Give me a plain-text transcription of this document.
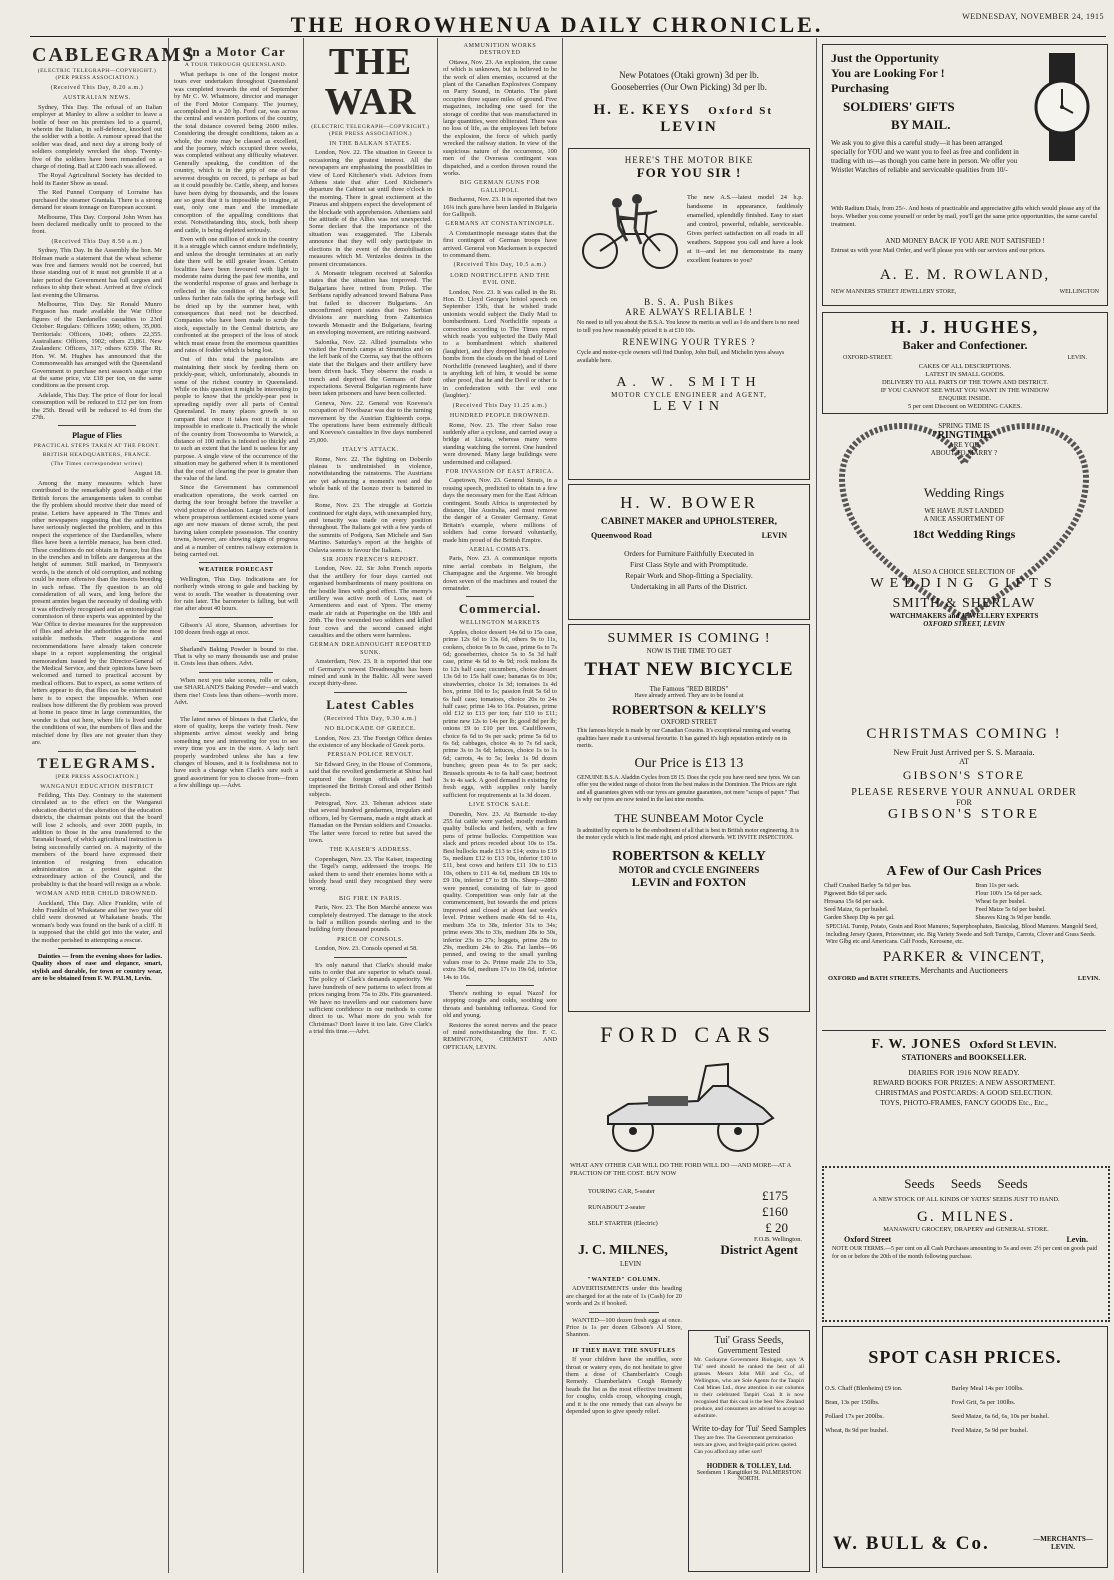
THE HOROWHENUA DAILY CHRONICLE.	WEDNESDAY, NOVEMBER 24, 1915
CABLEGRAMS
(ELECTRIC TELEGRAPH—COPYRIGHT.) (PER PRESS ASSOCIATION.)
(Received This Day, 8.20 a.m.)
AUSTRALIAN NEWS.

Sydney, This Day. The refusal of an Italian employer at Manley to allow a soldier to leave a bottle of beer on his premises led to a quarrel, wherein the Italian, in self-defence, knocked out the soldier with a bottle. A rumour spread that the soldier was dead, and next day a strong body of soldiers completely wrecked the shop. Twenty-five of the soldiers have been remanded on a charge of rioting. Bail at £200 each was allowed.

The Royal Agricultural Society has decided to hold its Easter Show as usual.

The Red Funnel Company of Lorraine has purchased the steamer Grantala. There is a strong demand for steam tonnage on European account.

Melbourne, This Day. Corporal John Wren has been declared medically unfit to proceed to the front.

(Received This Day 8.50 a.m.)

Sydney, This Day. In the Assembly the hon. Mr Holman made a statement that the wheat scheme was free and farmers would not be coerced, but those standing out of it must not grumble if at a later period the Government has full cargoes and refuses to ship their wheat. Arrived at five o'clock last evening the Ulimaroa.

Melbourne, This Day. Sir Ronald Munro Ferguson has made available the War Office figures of the Dardanelles casualties to 23rd October: Regulars: Officers 1990; others, 35,000. Territorials: Officers, 1049; others 22,355. Australians: Officers, 1902; others 23,861. New Zealanders: Officers, 317; others 6359. The Rt. Hon. W. M. Hughes has announced that the Commonwealth has arranged with the Queensland Government to purchase next season's sugar crop at the same price, viz £18 per ton, on the same conditions as the present crop.

Adelaide, This Day. The price of flour for local consumption will be reduced to £12 per ton from the 25th. Bread will be reduced to 4d from the 27th.

Plague of Flies
PRACTICAL STEPS TAKEN AT THE FRONT.
BRITISH HEADQUARTERS, FRANCE.
(The Times correspondent writes)

August 18.

Among the many measures which have contributed to the remarkably good health of the British forces the arrangements taken to combat the fly problem should receive their due meed of praise. Letters have appeared in The Times and other newspapers suggesting that the authorities have seriously neglected the problem, and in this respect the experience of the Dardanelles, where flies have been a terrible menace, has been cited. These conditions do not obtain in France, but flies in the trenches and in billets are dangerous at the height of summer. Still marked, in Tennyson's words, is the stench of old corruption, and nothing could be more offensive than the insects breeding in such refuse. The fly question is an old consideration of all wars, and long before the present armies began the necessity of dealing with it was effectively recognised and an entomological commission of three experts was appointed by the War Office to devise measures for the suppression of flies and advise the authorities as to the most suitable methods. Their suggestions and recommendations have already taken concrete shape in a report supplementing the original memorandum issued by the Director-General of the Medical Service, and their opinions have been welcomed and turned to practical account by medical officers. But to expect, as some writers of letters appear to do, that flies can be exterminated here is to expect the impossible. When one realises how different the fly problem was proved at home in peace time in large communities, the wonder is that out here, where life is lived under the conditions of war, the numbers of flies and the mischief done by flies are not greater than they are.

TELEGRAMS.
[PER PRESS ASSOCIATION.]
WANGANUI EDUCATION DISTRICT

Feilding, This Day. Contrary to the statement circulated as to the effect on the Wanganui education district of the alteration of the education districts, the chairman points out that the board will lose 2 schools, and over 2000 pupils, in addition to those in the area transferred to the Taranaki board, of which agricultural instruction is being successfully carried on. A majority of the members of the board have expressed their intention of resigning from education administration as a protest against the extraordinary action of the Council, and the probability is that the board will resign as a whole.

WOMAN AND HER CHILD DROWNED.

Auckland, This Day. Alice Franklin, wife of John Franklin of Whakatane and her two year old child were drowned at Whakatane heads. The woman's body was found on the bank of a cliff. It is supposed that the child got into the water, and the mother perished in attempting a rescue.

Dainties — from the evening shoes for ladies. Quality shoes of ease and elegance, smart, stylish and durable, for town or country wear, are to be obtained from F. W. PALM, Levin.

In a Motor Car
A TOUR THROUGH QUEENSLAND.

What perhaps is one of the longest motor tours ever undertaken throughout Queensland was completed towards the end of September by Mr C. W. Whatmore, director and manager of the Ford Motor Company. The journey, accomplished in a 20 hp. Ford car, was across the central and western portions of the country, the total distance covered being 2600 miles. Considering the drought conditions, taken as a whole, the route may be classed as excellent, and the journey, which occupied three weeks, was completed without any difficulty whatever. Generally speaking, the condition of the country, which is in the grip of one of the severest droughts on record, is perhaps as bad as it could possibly be. Cattle, sheep, and horses have been dying by thousands, and the losses are so great that it is impossible to imagine, at east, only one man and the immediate conception of the appalling conditions that exist. Notwithstanding this, stock, both sheep and cattle, is being depleted seriously.

Even with one million of stock in the country it is a struggle which cannot endure indefinitely, and unless the drought terminates at an early date there will be still greater losses. Certain localities have been favoured with light to moderate rains during the past few months, and the wonderful response of grass and herbage is reflected in the condition of the stock, but unless further rain falls the spring herbage will be dried up by the summer heat, with consequences that need not be described. Companies who have been made to scrub the stock, especially in the Central districts, are confronted at the prospect of the loss of stock which must ensue from the enormous quantities and rates of fodder which is being lost.

Out of this total the pastoralists are maintaining their stock by feeding them on prickly-pear, which, unfortunately, abounds in some of the richest country in Queensland. While on this question it might be interesting to people to know that the prickly-pear pest is spreading rapidly over all parts of Central Queensland. In many places growth is so rampant that once it takes root it is almost impossible to eradicate it. Practically the whole of the country from Toowoomba to Warwick, a distance of 100 miles is infested so thickly and to such an extent that the land is useless for any purpose. A single view of the occurrence of the situation may be gathered when it is mentioned that the cost of clearing the pear is greater than the value of the land.

Since the Government has commenced eradication operations, the work carried on during the tour brought before the traveller a vivid picture of desolation. Large tracts of land where prosperous settlement existed some years ago are now masses of dense scrub, the pest having taken complete possession. The country towns, however, are showing signs of progress and at a number of centres railway extension is being carried out.

WEATHER FORECAST

Wellington, This Day. Indications are for northerly winds strong to gale and backing by west to south. The weather is threatening over for rain later. The barometer is falling, but will rise after about 40 hours.

Gibson's Al store, Shannon, advertises for 100 dozen fresh eggs at once.

Sharland's Baking Powder is bound to rise. That is why so many thousands use and praise it. Costs less than others. Advt.

When next you take scones, rolls or cakes, use SHARLAND'S Baking Powder—and watch them rise! Costs less than others—worth more. Advt.

The latest news of blouses is that Clark's, the store of quality, keeps the variety fresh. New shipments arrive almost weekly and bring something new and interesting for you to see every time you are in the store. A lady isn't properly wardrobed unless she has a few changes of blouses, and it is foolishness not to have such a change when Clark's sure such a grand assortment for you to choose from—from a few shillings up.—Advt.

THE WAR
(ELECTRIC TELEGRAPH—COPYRIGHT.) (PER PRESS ASSOCIATION.)
IN THE BALKAN STATES.

London, Nov. 22. The situation in Greece is occasioning the greatest interest. All the newspapers are emphasising the possibilities in view of Lord Kitchener's visit. Advices from Athens state that after Lord Kitchener's departure the Cabinet sat until three o'clock in the morning. There is great excitement at the Piraeus and shippers expect the development of the blockade with apprehension. Athenians said the attitude of the Allies was not unexpected. Some declare that the importance of the situation was exaggerated. The Liberals announce that they will only participate in elections in the event of the demobilisation measures which M. Venizelos desires in the present circumstances.

A Monastir telegram received at Salonika states that the situation has improved. The Bulgarians have retired from Prilep. The Serbians rapidly advanced toward Babuna Pass but failed to discover Bulgarians. An unconfirmed report states that two Serbian divisions are marching from Zaituntsica towards Monastir and the Bulgarians, fearing an enveloping movement, are retiring eastward.

Salonika, Nov. 22. Allied journalists who visited the French camps at Strumitza and on the left bank of the Czerna, say that the officers state that the Bulgars and their artillery have been driven back. They observe the roads a trench and deprived the Germans of their expectations. Several Bulgarian regiments have been taken prisoners and have been collected.

Geneva, Nov. 22. General von Koevess's occupation of Novibazar was due to the turning movement by the Austrian Eighteenth corps. The operations have been extremely difficult and Koevess's casualties in five days numbered 25,000.

ITALY'S ATTACK.

Rome, Nov. 22. The fighting on Doberdo plateau is undiminished in violence, notwithstanding the rainstorms. The Austrians are yet advancing a moment's rest and the whole bank of the Isonzo river is battered in fire.

Rome, Nov. 23. The struggle at Gorizia continued for eight days, with unexampled fury, and tenacity was made on every position throughout. The Italians got with a few yards of the summits of Podgora, San Michele and San Martino. Saturday's report at the heights of Oslavia seems to favour the Italians.

SIR JOHN FRENCH'S REPORT.

London, Nov. 22. Sir John French reports that the artillery for four days carried out organised bombardments of many positions on the hostile lines with good effect. The enemy's artillery was active north of Loos, east of Armentieres and east of Ypres. The enemy made air raids at Poperinghe on the 18th and 20th. The five wounded two soldiers and killed four cows and the second caused eight casualties and the others were harmless.

GERMAN DREADNOUGHT REPORTED SUNK.

Amsterdam, Nov. 23. It is reported that one of Germany's newest Dreadnoughts has been mined and sunk in the Baltic. All were saved except thirty-three.

Latest Cables
(Received This Day, 9.30 a.m.)
NO BLOCKADE OF GREECE.

London, Nov. 23. The Foreign Office denies the existence of any blockade of Greek ports.

PERSIAN POLICE REVOLT.

Sir Edward Grey, in the House of Commons, said that the revolted gendarmerie at Shiraz had captured the foreign officials and had imprisoned the British Consul and other British subjects.

Petrograd, Nov. 23. Teheran advices state that several hundred gendarmes, irregulars and officers, led by Germans, made a night attack at Hamadan on the Persian soldiers and Cossacks. The latter were forced to retire but saved the town.

THE KAISER'S ADDRESS.

Copenhagen, Nov. 23. The Kaiser, inspecting the Tegel's camp, addressed the troops. He asked them to send their enemies home with a bloody head until they recognised they were wrong.

BIG FIRE IN PARIS.

Paris, Nov. 23. The Bon Marché annexe was completely destroyed. The damage to the stock is half a million pounds sterling and to the building forty thousand pounds.

PRICE OF CONSOLS.

London, Nov. 23. Consols opened at 58.

It's only natural that Clark's should make suits to order that are superior to what's usual. The policy of Clark's demands superiority. We have hundreds of new patterns to select from at prices ranging from 75s to 20s. Fits guaranteed. We have no travellers and our customers have sufficient confidence in our methods to come direct to us. What more do you wish for Christmas? Don't leave it too late. Give Clark's a trial this time.—Advt.

AMMUNITION WORKS DESTROYED

Ottawa, Nov. 23. An explosion, the cause of which is unknown, but is believed to be the work of alien enemies, occurred at the plant of the Canadian Explosives Company on Parry Sound, in Ontario. The plant occupies three square miles of ground. Five magazines, including one used for the storage of cordite that was manufactured in large quantities, were obliterated. There was no loss of life, as the employees left before the explosion, the force of which partly wrecked the railway station. In view of the suspicious nature of the occurrence, 100 men of the Overseas contingent was dispatched, and a cordon thrown round the works.

BIG GERMAN GUNS FOR GALLIPOLI.

Bucharest, Nov. 23. It is reported that two 16¼ inch guns have been landed in Bulgaria for Gallipoli.

GERMANS AT CONSTANTINOPLE.

A Constantinople message states that the first contingent of German troops have arrived. General von Mackensen is expected to command them.

(Received This Day, 10.5 a.m.)
LORD NORTHCLIFFE AND THE EVIL ONE.

London, Nov. 23. It was called in the Rt. Hon. D. Lloyd George's bristol speech on September 15th, that he wished trade unionists would subject the Daily Mail to bombardment. Lord Northcliffe repeats a correction according to The Times report which reads 'you subjected the Daily Mail to a bombardment which shattered (laughter), and they dropped high explosive bombs from the clouds on the head of Lord Northcliffe (renewed laughter), and if there is anything left of him, it would be some other proof, that he and the Devil or other is in confederation with the evil one (laughter).'

(Received This Day 11.25 a.m.)
HUNDRED PEOPLE DROWNED.

Rome, Nov. 23. The river Salso rose suddenly after a cyclone, and carried away a bridge at Licata, whereas many were standing watching the torrent. One hundred were drowned. Many large buildings were undermined and collapsed.

FOR INVASION OF EAST AFRICA.

Capetown, Nov. 23. General Smuts, in a rousing speech, predicted to obtain in a few days the necessary men for the East African contingent. South Africa is unprotected by distance, like Australia, and must remove the danger of a Greater Germany. Great Britain's example, where millions of soldiers had come forward voluntarily, made him proud of the British Empire.

AERIAL COMBATS.

Paris, Nov. 23. A communique reports nine aerial combats in Belgium, the Champagne and the Argonne. We brought down seven of the machines and routed the remainder.

Commercial.
WELLINGTON MARKETS

Apples, choice dessert 14s 6d to 15s case, prime 12s 6d to 13s 6d, others 9s to 11s, cookers, choice 9s to 9s case, prime 6s to 7s 6d; gooseberries, choice 5s to 5s 3d half case, prime 4s 6d to 4s 9d; rock melons 8s to 12s half case; cucumbers, choice dessert 13s 6d to 15s half case; bananas 6s to 10s; strawberries, choice 1s 3d; tomatoes 1s 4d box, prime 10d to 1s; passion fruit 5s 6d to 6s half case; tomatoes, choice 20s to 24s half case; prime 14s to 16s. Potatoes, prime old £12 to £13 per ton; fair £10 to £11; prime new 12s to 14s per lb; good 8d per lb; onions £9 to £10 per ton. Cauliflowers, choice 6s 6d to 9s per sack; prime 5s 6d to 6s 6d; cabbages, choice 4s to 7s 6d sack, prime 3s to 3s 6d; lettuces, choice 1s to 1s 6d; carrots, 4s to 5s; leeks 1s 9d dozen bunches; green peas 4s to 5s per sack; Brussels sprouts 4s to 6s half case; beetroot 3s to 4s sack. A good demand is existing for fresh eggs, with supplies only barely sufficient for requirements at 1s 3d dozen.

LIVE STOCK SALE.

Dunedin, Nov. 23. At Burnside to-day 255 fat cattle were yarded, mostly medium quality bullocks and heifers, with a few pens of prime bullocks. Competition was slack and prices receded about 10s to 15s. Best bullocks made £13 to £14; extra to £19 5s, medium £12 to £13 10s, inferior £10 to £11, best cows and heifers £11 10s to £13 10s, others to £11 4s 6d, medium £8 10s to £9 10s, inferior £7 to £8 10s. Sheep—2880 were penned, consisting of fair to good quality. Competition was only fair at the commencement, but towards the end prices improved and closed at about last week's level. Prime wethers made 40s 6d to 41s, medium 35s to 38s, inferior 31s to 34s; prime ewes 30s to 33s, medium 28s to 30s, inferior 23s to 27s; hoggets, prime 28s to 29s, medium 24s to 26s. Fat lambs—96 penned, and owing to the small yarding values rose to 2s. Prime made 23s to 33s, extra 38s 6d, medium 17s to 19s 6d, inferior 14s to 16s.

There's nothing to equal 'Nazol' for stopping coughs and colds, soothing sore throats and banishing influenza. Good for old and young.

Restores the sorest nerves and the peace of mind notwithstanding the fire. F. C. REMINGTON, CHEMIST AND OPTICIAN, LEVIN.

New Potatoes (Otaki grown) 3d per lb.
Gooseberries (Our Own Picking) 3d per lb.
H. E. KEYS Oxford St   LEVIN
HERE'S THE MOTOR BIKE
FOR YOU SIR !
The new A.S.—latest model 24 h.p. handsome in appearance, faultlessly enamelled, splendidly finished. Easy to start and control, powerful, reliable, serviceable. Gives perfect satisfaction on all roads in all weathers. Suppose you call and have a look at it—and let me demonstrate its many excellent features to you?
B. S. A. Push Bikes
ARE ALWAYS RELIABLE !
No need to tell you about the B.S.A. You know its merits as well as I do and there is no need to tell you how reasonably priced it is at £10 10s.
RENEWING YOUR TYRES ?
Cycle and motor-cycle owners will find Dunlop, John Bull, and Michelin tyres always available here.
A. W. SMITH
MOTOR CYCLE ENGINEER and AGENT,
LEVIN
H. W. BOWER
CABINET MAKER and UPHOLSTERER,
Queenwood Road	LEVIN
Orders for Furniture Faithfully Executed in
First Class Style and with Promptitude.
Repair Work and Shop-fitting a Speciality.
Undertaking in all Parts of the District.
SUMMER IS COMING !
NOW IS THE TIME TO GET
THAT NEW BICYCLE
The Famous "RED BIRDS"
Have already arrived. They are to be found at
ROBERTSON & KELLY'S
OXFORD STREET
This famous bicycle is made by our Canadian Cousins. It's exceptional running and wearing qualities have made it a universal favourite. It has gained it's high reputation entirely on its merits.
Our Price is £13 13
GENUINE B.S.A. Aladdin Cycles from £8 15. Does the cycle you have need new tyres. We can offer you the widest range of choice from the best makes in the Dominion. The Prices are right and all guarantees given with our tyres are genuine guarantees, not mere "scraps of paper." That is why our tyres are now tested in the last nine months.
THE SUNBEAM Motor Cycle
Is admitted by experts to be the embodiment of all that is best in British motor engineering. It is the motor cycle which is first made right, and priced afterwards. WE INVITE INSPECTION.
ROBERTSON & KELLY
MOTOR and CYCLE ENGINEERS
LEVIN and FOXTON
FORD CARS
WHAT ANY OTHER CAR WILL DO THE FORD WILL DO —AND MORE—AT A FRACTION OF THE COST. BUY NOW
TOURING CAR, 5-seater	£175
RUNABOUT 2-seater	£160
SELF STARTER (Electric)	£ 20
F.O.B. Wellington.
J. C. MILNES,	District Agent
LEVIN
"WANTED" COLUMN.

ADVERTISEMENTS under this heading are charged for at the rate of 1s (Cash) for 20 words and 2s if booked.

WANTED—100 dozen fresh eggs at once. Price is 1s per dozen Gibson's Al Store, Shannon.

IF THEY HAVE THE SNUFFLES

If your children have the snuffles, sore throat or watery eyes, do not hesitate to give them a dose of Chamberlain's Cough Remedy. Chamberlain's Cough Remedy heads the list as the most effective treatment for coughs, colds croup, whooping cough, and it is the one remedy that can always be depended upon to give speedy relief.

Tui' Grass Seeds,
Government Tested
Mr. Cockayne Government Biologist, says 'A Tui' seed should be ranked the best of all grasses. Messrs John Mill and Co., of Wellington, who are Sole Agents for the Tanpiri Coal Mines Ltd., draw attention in our columns to their celebrated Tanpiri Coal. It is now recognised that this coal is the best New Zealand produce, and consumers are advised to accept no substitute.
Write to-day for 'Tui' Seed Samples
They are free. The Government germination tests are given, and freight-paid prices quoted. Can you afford any other sort?
HODDER & TOLLEY, Ltd.
Seedsmen 1 Rangitikei St. PALMERSTON NORTH.
Just the Opportunity
You are Looking For !
Purchasing
SOLDIERS' GIFTS
BY MAIL.
We ask you to give this a careful study—it has been arranged specially for YOU and we want you to feel as free and confident in trading with us—as though you came here in person. We offer you Wristlet Watches of reliable and serviceable qualities from 10/-
With Radium Dials, from 25/-. And hosts of practicable and appreciative gifts which would please any of the boys. Whether you come yourself or order by mail, you'll get the same price opportunities, the same careful treatment.
AND MONEY BACK IF YOU ARE NOT SATISFIED !
Entrust us with your Mail Order, and we'll please you with our services and our prices.
A. E. M. ROWLAND,
NEW MANNERS STREET JEWELLERY STORE,	WELLINGTON
H. J. HUGHES,
Baker and Confectioner.
OXFORD-STREET.	LEVIN.
CAKES OF ALL DESCRIPTIONS.
LATEST IN SMALL GOODS.
DELIVERY TO ALL PARTS OF THE TOWN AND DISTRICT.
IF YOU CANNOT SEE WHAT YOU WANT IN THE WINDOW
ENQUIRE INSIDE.
5 per cent Discount on WEDDING CAKES.
SPRING TIME IS
"RINGTIME"
ARE YOU
ABOUT TO MARRY ?
Wedding Rings
WE HAVE JUST LANDED
A NICE ASSORTMENT OF
18ct Wedding Rings
ALSO A CHOICE SELECTION OF
WEDDING GIFTS
SMITH & SHERLAW
WATCHMAKERS and JEWELLERY EXPERTS
OXFORD STREET, LEVIN
CHRISTMAS COMING !
New Fruit Just Arrived per S. S. Maraaia.
AT
GIBSON'S STORE
PLEASE RESERVE YOUR ANNUAL ORDER
FOR
GIBSON'S STORE
A Few of Our Cash Prices
Chaff Crushed Barley 5s 6d per bus.	Bran 11s per sack.
Pigsweet Bdo 6d per sack.	Flour 100's 15s 6d per sack.
Hrosana 15s 6d per sack.	Wheat 6s per bushel.
Seed Maize, 6s per bushel.	Feed Maize 5s 6d per bushel.
Garden Sheep Dip 4s per gal.	Sheaves King 3s 9d per bundle.
SPECIAL Turnip, Potato, Grain and Root Manures; Superphosphates, Basicslag, Blood Manures. Mangold Seed, including Jersey Queen, Prizewinner, etc. Big Variety Swede and Soft Turnips, Carrots, Clover and Grass Seeds. Wire Glbg etc and Americans. Calf Foods, Kerosene, etc.
PARKER & VINCENT,
Merchants and Auctioneers
OXFORD and BATH STREETS.	LEVIN.
F. W. JONES Oxford St LEVIN.
STATIONERS and BOOKSELLER.
DIARIES FOR 1916 NOW READY.
REWARD BOOKS FOR PRIZES: A NEW ASSORTMENT.
CHRISTMAS and POSTCARDS: A GOOD SELECTION.
TOYS, PHOTO-FRAMES, FANCY GOODS Etc., Etc.,
Seeds     Seeds     Seeds
A NEW STOCK OF ALL KINDS OF YATES' SEEDS JUST TO HAND.
G. MILNES.
MANAWATU GROCERY, DRAPERY and GENERAL STORE.
Oxford Street	Levin.
NOTE OUR TERMS.—5 per cent on all Cash Purchases amounting to 5s and over. 2½ per cent on goods paid for on or before the 20th of the month following purchase.
SPOT CASH PRICES.
O.S. Chaff (Blenheim) £9 ton.	Barley Meal 14s per 100lbs.
Bran, 13s per 150lbs.	Fowl Grit, 5s per 100lbs.
Pollard 17s per 200lbs.	Seed Maize, 6s 6d, 6s, 10s per bushel.
Wheat, 8s 9d per bushel.	Feed Maize, 5s 9d per bushel.
W. BULL & Co.	—MERCHANTS— LEVIN.
